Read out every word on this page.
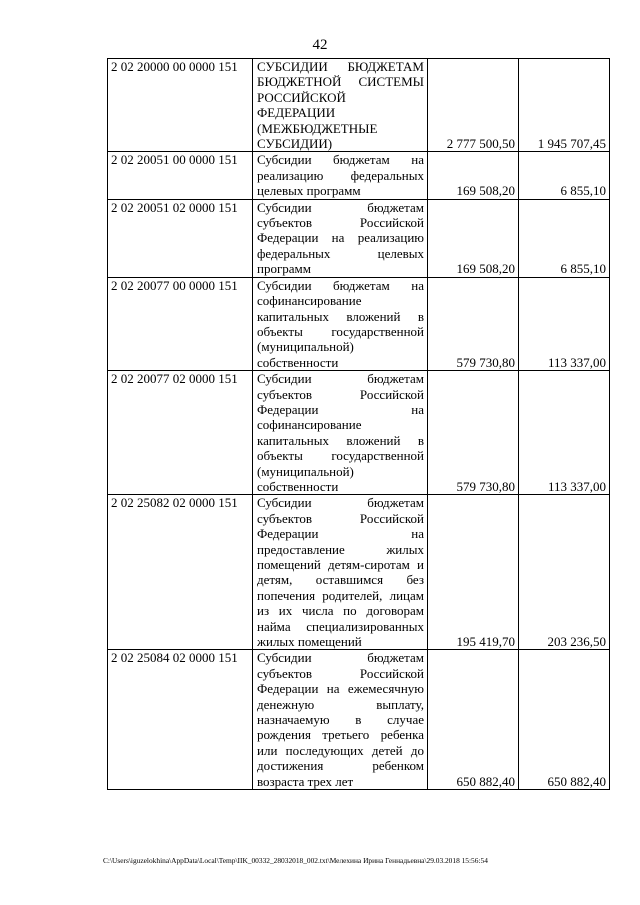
42
2 02 20000 00 0000 151	СУБСИДИИ БЮДЖЕТАМ БЮДЖЕТНОЙ СИСТЕМЫ РОССИЙСКОЙ ФЕДЕРАЦИИ (МЕЖБЮДЖЕТНЫЕ СУБСИДИИ)	2 777 500,50	1 945 707,45
2 02 20051 00 0000 151	Субсидии бюджетам на реализацию федеральных целевых программ	169 508,20	6 855,10
2 02 20051 02 0000 151	Субсидии бюджетам субъектов Российской Федерации на реализацию федеральных целевых программ	169 508,20	6 855,10
2 02 20077 00 0000 151	Субсидии бюджетам на софинансирование капитальных вложений в объекты государственной (муниципальной) собственности	579 730,80	113 337,00
2 02 20077 02 0000 151	Субсидии бюджетам субъектов Российской Федерации на софинансирование капитальных вложений в объекты государственной (муниципальной) собственности	579 730,80	113 337,00
2 02 25082 02 0000 151	Субсидии бюджетам субъектов Российской Федерации на предоставление жилых помещений детям-сиротам и детям, оставшимся без попечения родителей, лицам из их числа по договорам найма специализированных жилых помещений	195 419,70	203 236,50
2 02 25084 02 0000 151	Субсидии бюджетам субъектов Российской Федерации на ежемесячную денежную выплату, назначаемую в случае рождения третьего ребенка или последующих детей до достижения ребенком возраста трех лет	650 882,40	650 882,40
C:\Users\iguzelokhina\AppData\Local\Temp\IIK_00332_28032018_002.txt\Мелехина Ирина Геннадьевна\29.03.2018 15:56:54
